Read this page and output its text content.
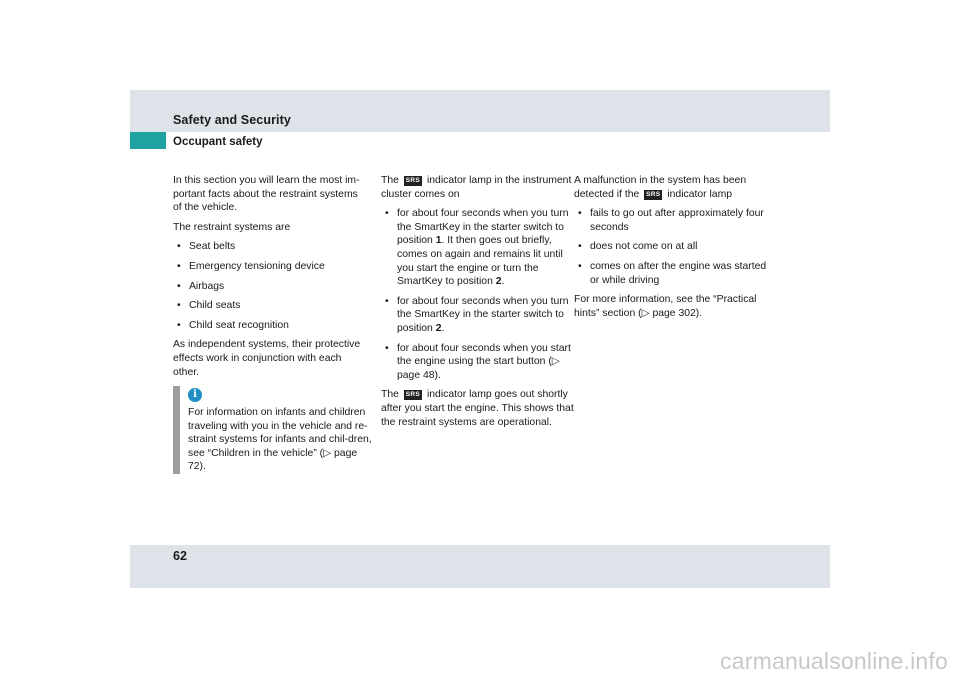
Safety and Security
Occupant safety

In this section you will learn the most im-portant facts about the restraint systems of the vehicle.

The restraint systems are

• Seat belts
• Emergency tensioning device
• Airbags
• Child seats
• Child seat recognition

As independent systems, their protective effects work in conjunction with each other.

i
For information on infants and children traveling with you in the vehicle and re-straint systems for infants and chil-dren, see “Children in the vehicle” (▷ page 72).

The SRS indicator lamp in the instrument cluster comes on

• for about four seconds when you turn the SmartKey in the starter switch to position 1. It then goes out briefly, comes on again and remains lit until you start the engine or turn the SmartKey to position 2.
• for about four seconds when you turn the SmartKey in the starter switch to position 2.
• for about four seconds when you start the engine using the start button (▷ page 48).

The SRS indicator lamp goes out shortly after you start the engine. This shows that the restraint systems are operational.

A malfunction in the system has been detected if the SRS indicator lamp

• fails to go out after approximately four seconds
• does not come on at all
• comes on after the engine was started or while driving

For more information, see the “Practical hints” section (▷ page 302).

62
carmanualsonline.info
